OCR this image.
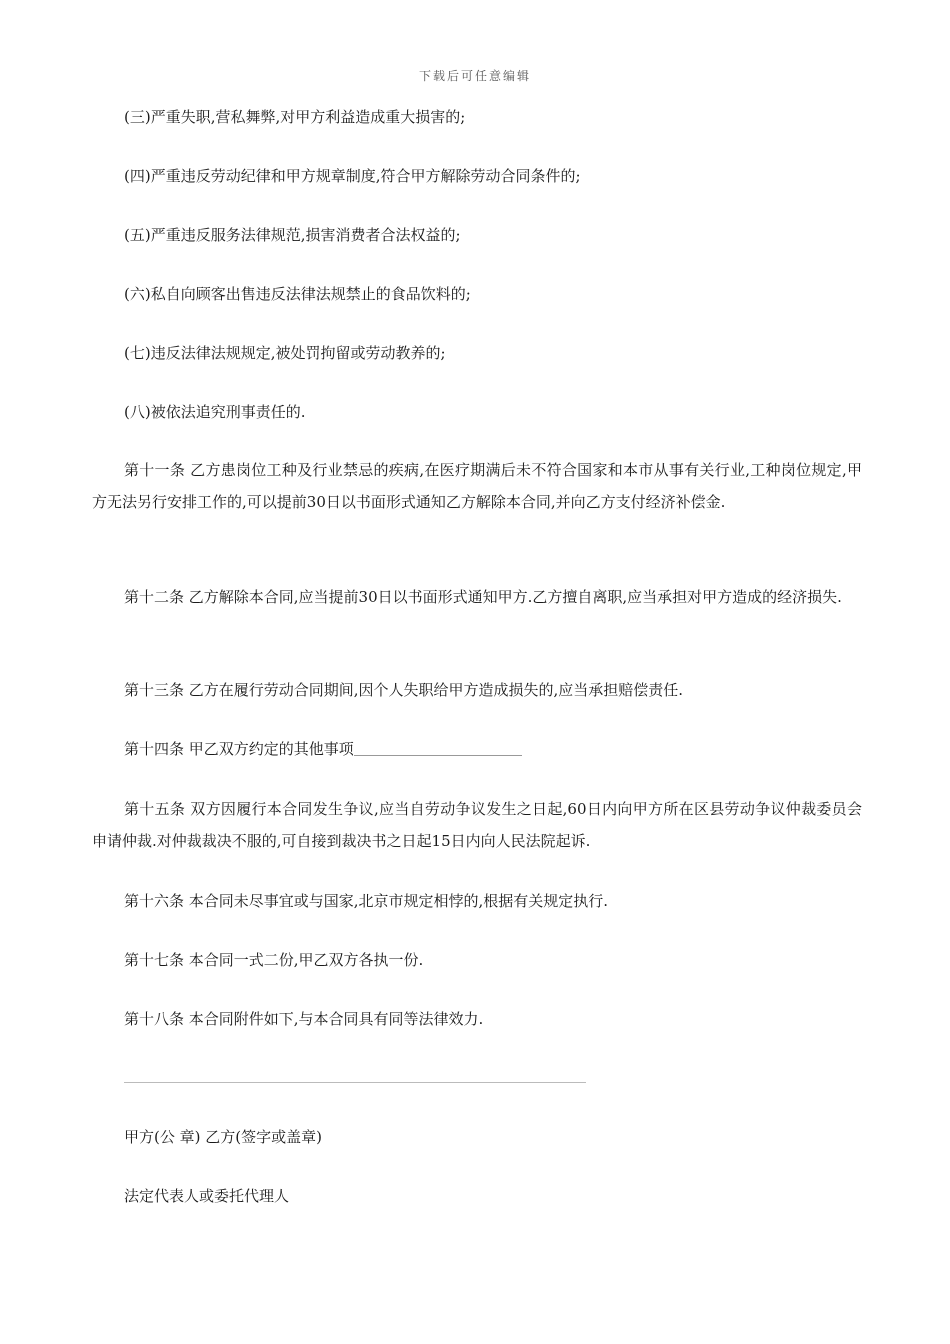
下载后可任意编辑
(三)严重失职,营私舞弊,对甲方利益造成重大损害的;
(四)严重违反劳动纪律和甲方规章制度,符合甲方解除劳动合同条件的;
(五)严重违反服务法律规范,损害消费者合法权益的;
(六)私自向顾客出售违反法律法规禁止的食品饮料的;
(七)违反法律法规规定,被处罚拘留或劳动教养的;
(八)被依法追究刑事责任的.
第十一条 乙方患岗位工种及行业禁忌的疾病,在医疗期满后未不符合国家和本市从事有关行业,工种岗位规定,甲方无法另行安排工作的,可以提前30日以书面形式通知乙方解除本合同,并向乙方支付经济补偿金.
第十二条 乙方解除本合同,应当提前30日以书面形式通知甲方.乙方擅自离职,应当承担对甲方造成的经济损失.
第十三条 乙方在履行劳动合同期间,因个人失职给甲方造成损失的,应当承担赔偿责任.
第十四条 甲乙双方约定的其他事项
第十五条 双方因履行本合同发生争议,应当自劳动争议发生之日起,60日内向甲方所在区县劳动争议仲裁委员会申请仲裁.对仲裁裁决不服的,可自接到裁决书之日起15日内向人民法院起诉.
第十六条 本合同未尽事宜或与国家,北京市规定相悖的,根据有关规定执行.
第十七条 本合同一式二份,甲乙双方各执一份.
第十八条 本合同附件如下,与本合同具有同等法律效力.
甲方(公 章) 乙方(签字或盖章)
法定代表人或委托代理人
